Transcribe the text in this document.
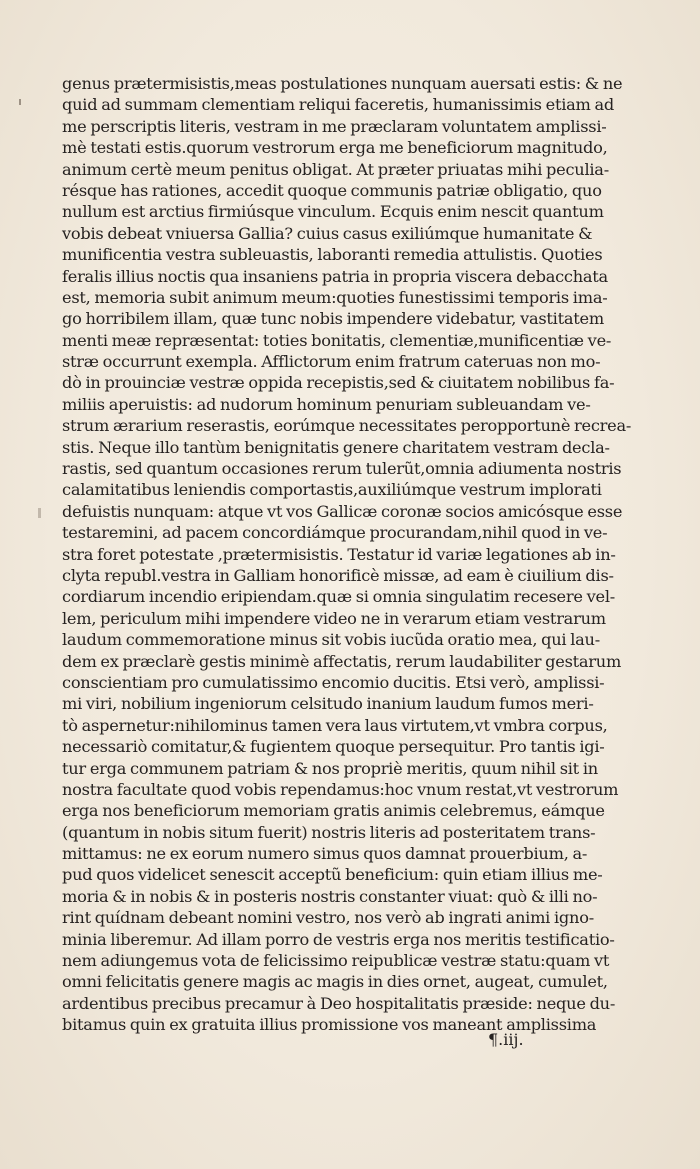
genus prætermisistis,meas postulationes nunquam auersati estis: & ne
quid ad summam clementiam reliqui faceretis, humanissimis etiam ad
me perscriptis literis, vestram in me præclaram voluntatem amplissi-
mè testati estis.quorum vestrorum erga me beneficiorum magnitudo,
animum certè meum penitus obligat. At præter priuatas mihi peculia-
résque has rationes, accedit quoque communis patriæ obligatio, quo
nullum est arctius firmiúsque vinculum. Ecquis enim nescit quantum
vobis debeat vniuersa Gallia? cuius casus exiliúmque humanitate &
munificentia vestra subleuastis, laboranti remedia attulistis. Quoties
feralis illius noctis qua insaniens patria in propria viscera debacchata
est, memoria subit animum meum:quoties funestissimi temporis ima-
go horribilem illam, quæ tunc nobis impendere videbatur, vastitatem
menti meæ repræsentat: toties bonitatis, clementiæ,munificentiæ ve-
stræ occurrunt exempla. Afflictorum enim fratrum cateruas non mo-
dò in prouinciæ vestræ oppida recepistis,sed & ciuitatem nobilibus fa-
miliis aperuistis: ad nudorum hominum penuriam subleuandam ve-
strum ærarium reserastis, eorúmque necessitates peropportunè recrea-
stis. Neque illo tantùm benignitatis genere charitatem vestram decla-
rastis, sed quantum occasiones rerum tulerũt,omnia adiumenta nostris
calamitatibus leniendis comportastis,auxiliúmque vestrum implorati
defuistis nunquam: atque vt vos Gallicæ coronæ socios amicósque esse
testaremini, ad pacem concordiámque procurandam,nihil quod in ve-
stra foret potestate ,prætermisistis. Testatur id variæ legationes ab in-
clyta republ.vestra in Galliam honorificè missæ, ad eam è ciuilium dis-
cordiarum incendio eripiendam.quæ si omnia singulatim recesere vel-
lem, periculum mihi impendere video ne in verarum etiam vestrarum
laudum commemoratione minus sit vobis iucũda oratio mea, qui lau-
dem ex præclarè gestis minimè affectatis, rerum laudabiliter gestarum
conscientiam pro cumulatissimo encomio ducitis. Etsi verò, amplissi-
mi viri, nobilium ingeniorum celsitudo inanium laudum fumos meri-
tò aspernetur:nihilominus tamen vera laus virtutem,vt vmbra corpus,
necessariò comitatur,& fugientem quoque persequitur. Pro tantis igi-
tur erga communem patriam & nos propriè meritis, quum nihil sit in
nostra facultate quod vobis rependamus:hoc vnum restat,vt vestrorum
erga nos beneficiorum memoriam gratis animis celebremus, eámque
(quantum in nobis situm fuerit) nostris literis ad posteritatem trans-
mittamus: ne ex eorum numero simus quos damnat prouerbium, a-
pud quos videlicet senescit acceptũ beneficium: quin etiam illius me-
moria & in nobis & in posteris nostris constanter viuat: quò & illi no-
rint quídnam debeant nomini vestro, nos verò ab ingrati animi igno-
minia liberemur. Ad illam porro de vestris erga nos meritis testificatio-
nem adiungemus vota de felicissimo reipublicæ vestræ statu:quam vt
omni felicitatis genere magis ac magis in dies ornet, augeat, cumulet,
ardentibus precibus precamur à Deo hospitalitatis præside: neque du-
bitamus quin ex gratuita illius promissione vos maneant amplissima
¶.iij.
